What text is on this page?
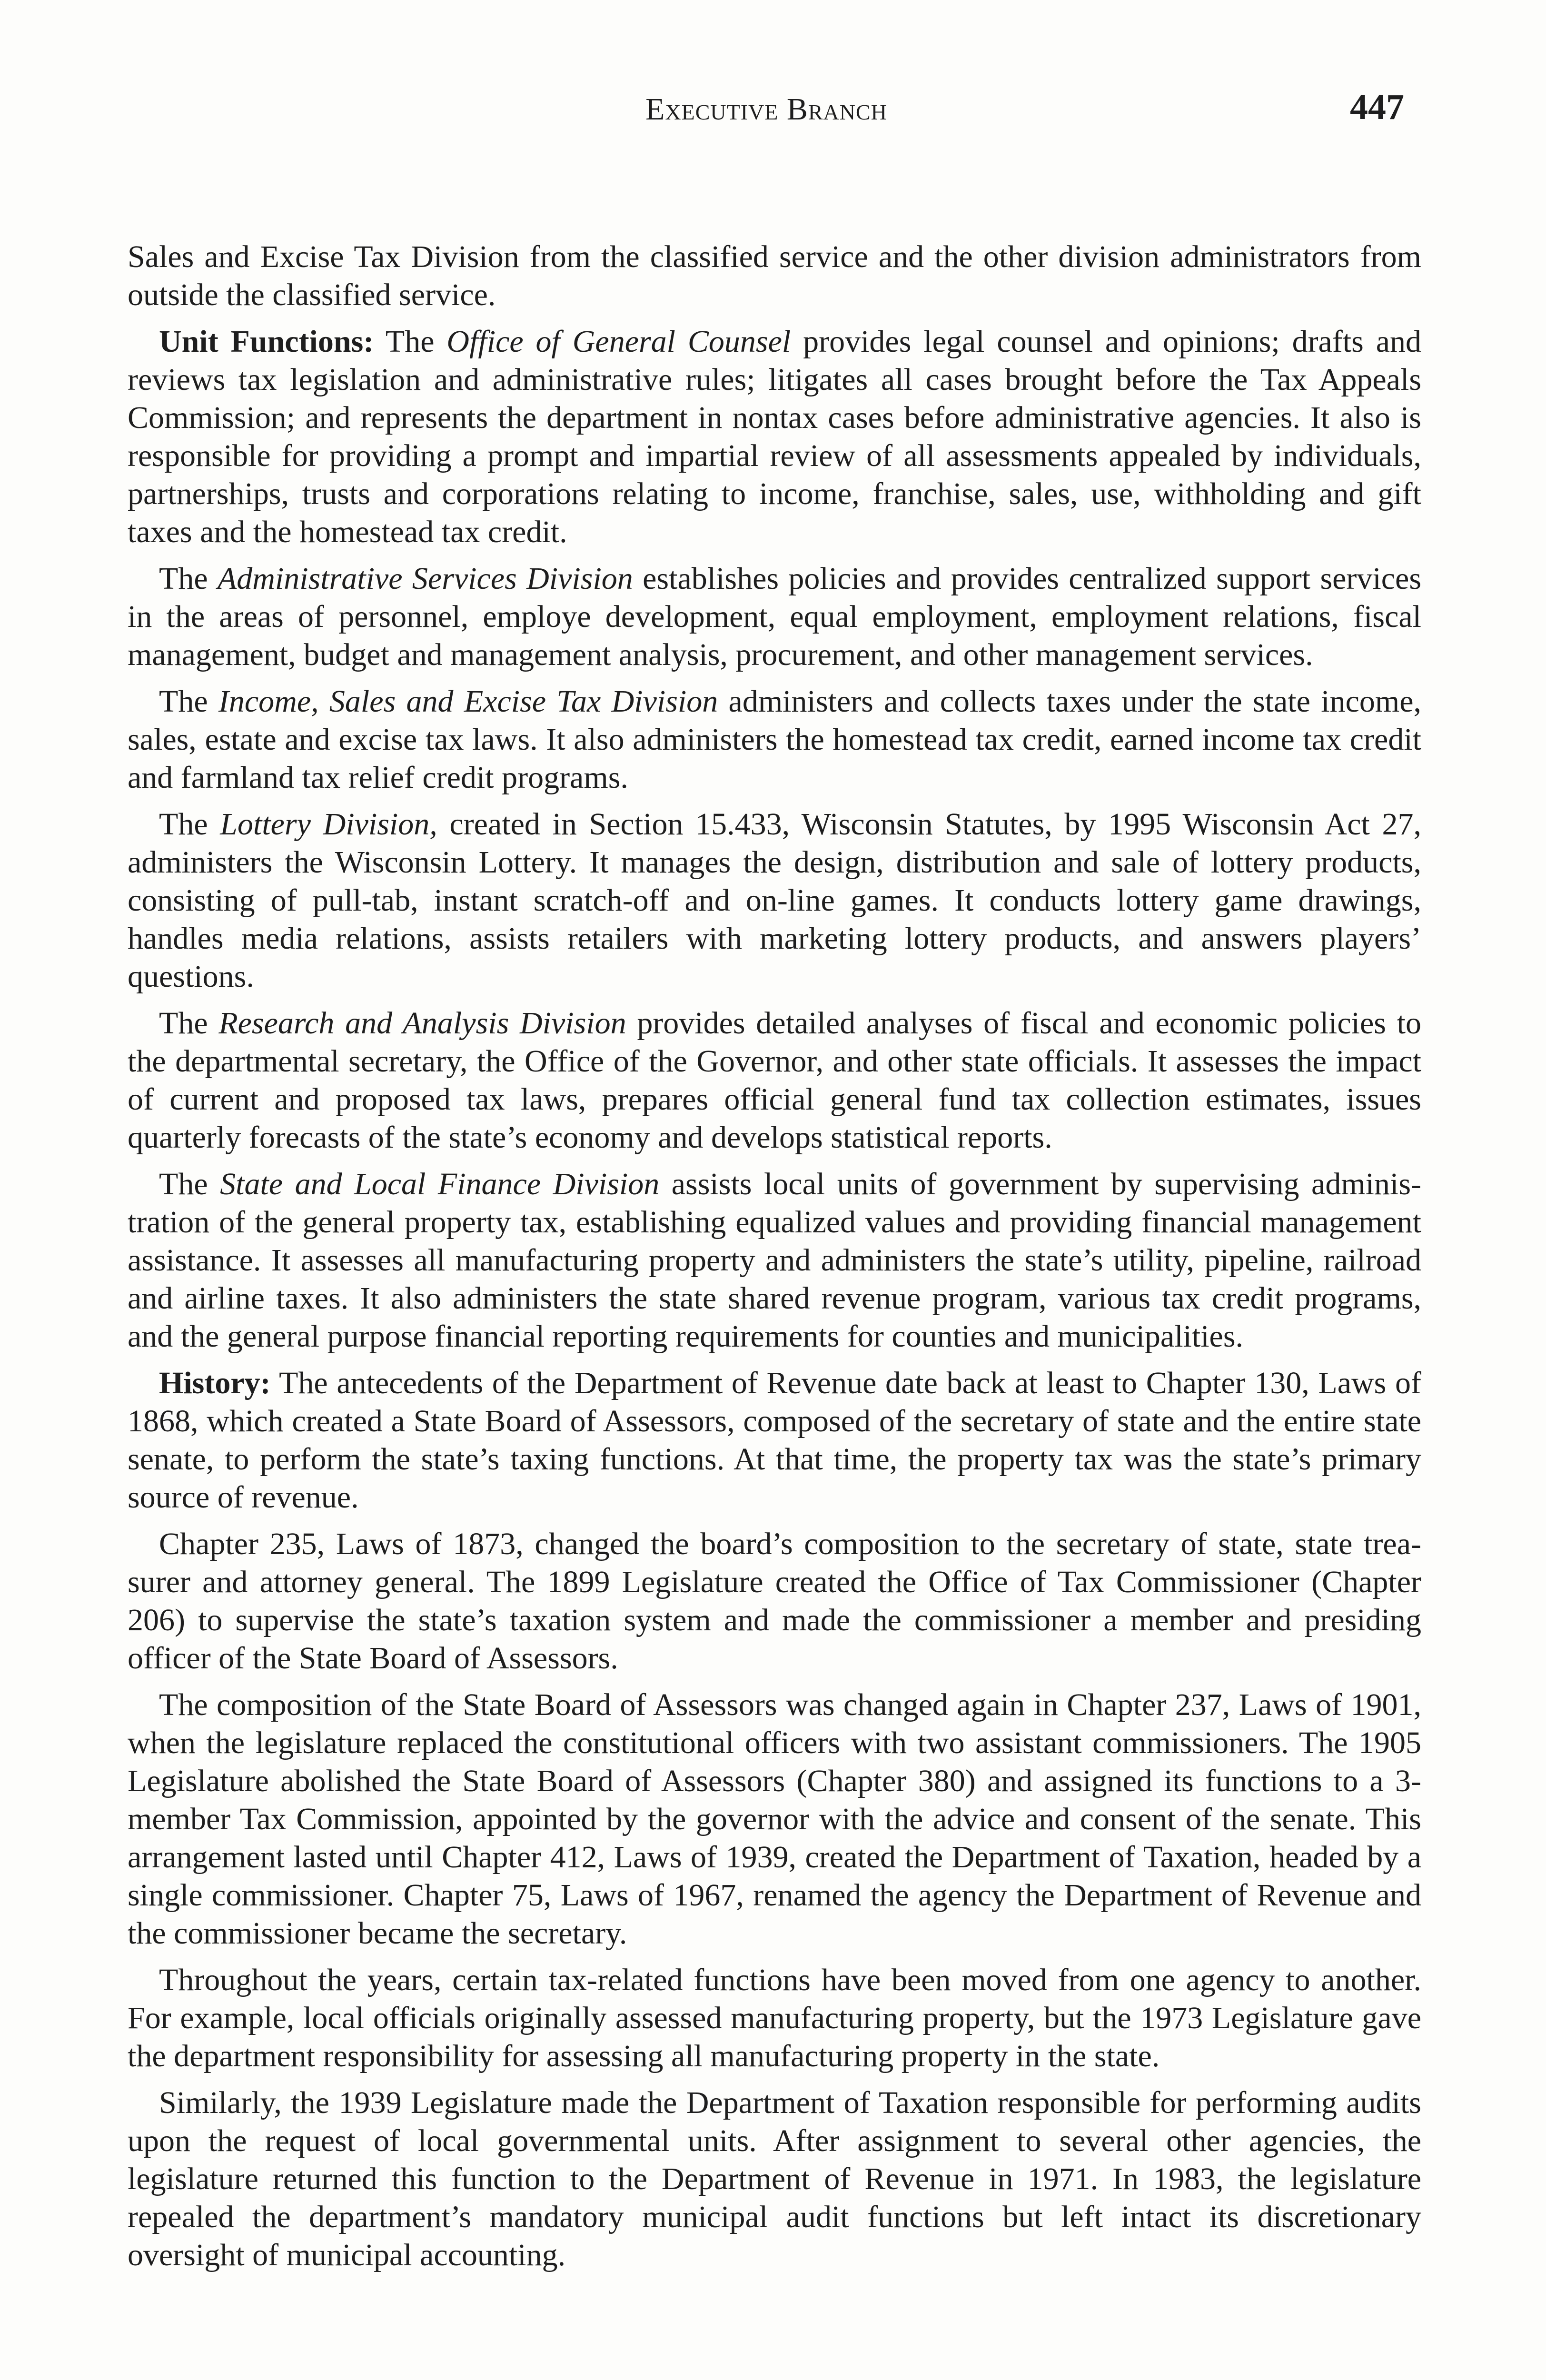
Executive Branch	447

Sales and Excise Tax Division from the classified service and the other division administrators from outside the classified service.

Unit Functions: The Office of General Counsel provides legal counsel and opinions; drafts and reviews tax legislation and administrative rules; litigates all cases brought before the Tax Appeals Commission; and represents the department in nontax cases before administrative agencies. It also is responsible for providing a prompt and impartial review of all assessments appealed by individuals, partnerships, trusts and corporations relating to income, franchise, sales, use, withholding and gift taxes and the homestead tax credit.

The Administrative Services Division establishes policies and provides centralized support services in the areas of personnel, employe development, equal employment, employment relations, fiscal management, budget and management analysis, procurement, and other management services.

The Income, Sales and Excise Tax Division administers and collects taxes under the state income, sales, estate and excise tax laws. It also administers the homestead tax credit, earned income tax credit and farmland tax relief credit programs.

The Lottery Division, created in Section 15.433, Wisconsin Statutes, by 1995 Wisconsin Act 27, administers the Wisconsin Lottery. It manages the design, distribution and sale of lottery products, consisting of pull-tab, instant scratch-off and on-line games. It conducts lottery game drawings, handles media relations, assists retailers with marketing lottery products, and answers players’ questions.

The Research and Analysis Division provides detailed analyses of fiscal and economic policies to the departmental secretary, the Office of the Governor, and other state officials. It assesses the impact of current and proposed tax laws, prepares official general fund tax collection estimates, issues quarterly forecasts of the state’s economy and develops statistical reports.

The State and Local Finance Division assists local units of government by supervising administration of the general property tax, establishing equalized values and providing financial management assistance. It assesses all manufacturing property and administers the state’s utility, pipeline, railroad and airline taxes. It also administers the state shared revenue program, various tax credit programs, and the general purpose financial reporting requirements for counties and municipalities.

History: The antecedents of the Department of Revenue date back at least to Chapter 130, Laws of 1868, which created a State Board of Assessors, composed of the secretary of state and the entire state senate, to perform the state’s taxing functions. At that time, the property tax was the state’s primary source of revenue.

Chapter 235, Laws of 1873, changed the board’s composition to the secretary of state, state treasurer and attorney general. The 1899 Legislature created the Office of Tax Commissioner (Chapter 206) to supervise the state’s taxation system and made the commissioner a member and presiding officer of the State Board of Assessors.

The composition of the State Board of Assessors was changed again in Chapter 237, Laws of 1901, when the legislature replaced the constitutional officers with two assistant commissioners. The 1905 Legislature abolished the State Board of Assessors (Chapter 380) and assigned its functions to a 3-member Tax Commission, appointed by the governor with the advice and consent of the senate. This arrangement lasted until Chapter 412, Laws of 1939, created the Department of Taxation, headed by a single commissioner. Chapter 75, Laws of 1967, renamed the agency the Department of Revenue and the commissioner became the secretary.

Throughout the years, certain tax-related functions have been moved from one agency to another. For example, local officials originally assessed manufacturing property, but the 1973 Legislature gave the department responsibility for assessing all manufacturing property in the state.

Similarly, the 1939 Legislature made the Department of Taxation responsible for performing audits upon the request of local governmental units. After assignment to several other agencies, the legislature returned this function to the Department of Revenue in 1971. In 1983, the legislature repealed the department’s mandatory municipal audit functions but left intact its discretionary oversight of municipal accounting.
